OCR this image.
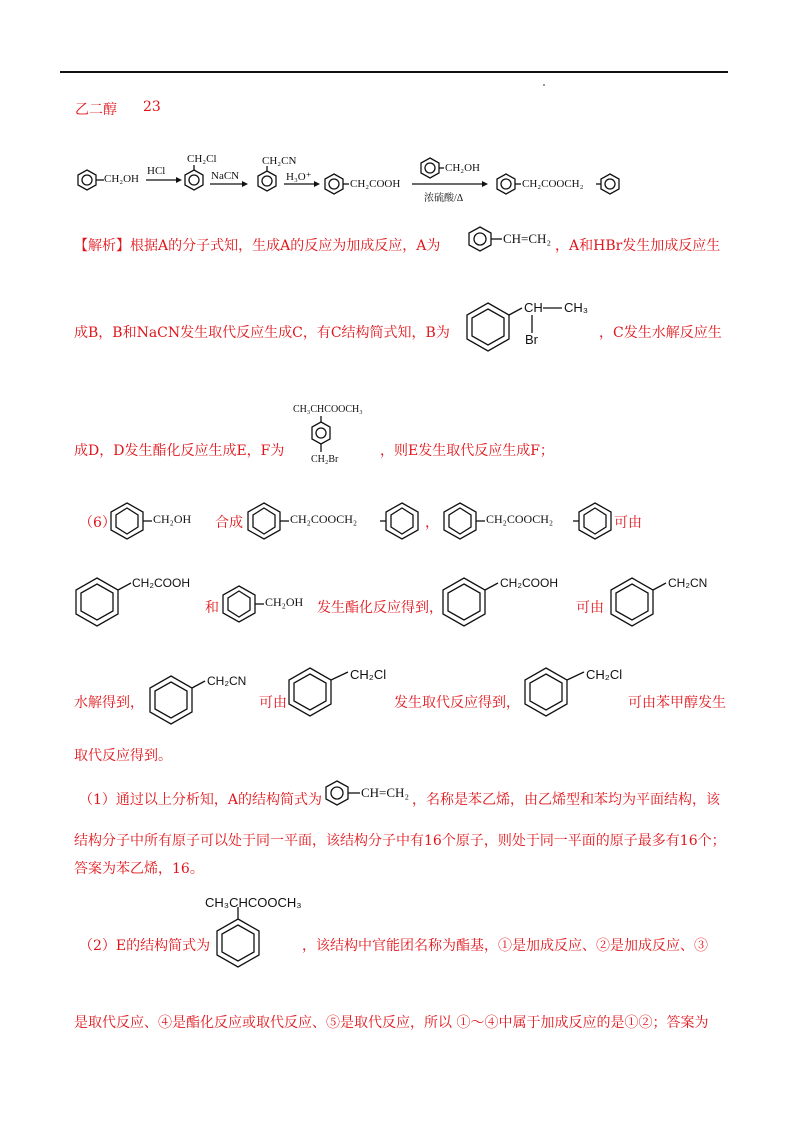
乙二醇 23
CH₂OH
HCl
CH₂Cl
NaCN
CH₂CN
H₃O⁺
CH₂COOH
CH₂OH
浓硫酸/Δ
CH₂COOCH₂
【解析】根据A的分子式知，生成A的反应为加成反应，A为	CH=CH₂ ，A和HBr发生加成反应生
成B，B和NaCN发生取代反应生成C，有C结构简式知，B为
CH CH₃
Br	，C发生水解反应生
CH₃CHCOOCH₃
CH₂Br
成D，D发生酯化反应生成E，F为	，则E发生取代反应生成F；
（6）	CH₂OH 合成	CH₂COOCH₂	，	CH₂COOCH₂	可由
CH₂COOH
和	CH₂OH 发生酯化反应得到，
CH₂COOH
可由
CH₂CN
水解得到，
CH₂CN
可由
CH₂Cl
发生取代反应得到，
CH₂Cl
可由苯甲醇发生
取代反应得到。
（1）通过以上分析知，A的结构简式为	CH=CH₂ ，名称是苯乙烯，由乙烯型和苯均为平面结构，该
结构分子中所有原子可以处于同一平面，该结构分子中有16个原子，则处于同一平面的原子最多有16个；
答案为苯乙烯，16。
CH₃CHCOOCH₃
（2）E的结构简式为	，该结构中官能团名称为酯基，①是加成反应、②是加成反应、③
是取代反应、④是酯化反应或取代反应、⑤是取代反应，所以 ①～④中属于加成反应的是①②；答案为
